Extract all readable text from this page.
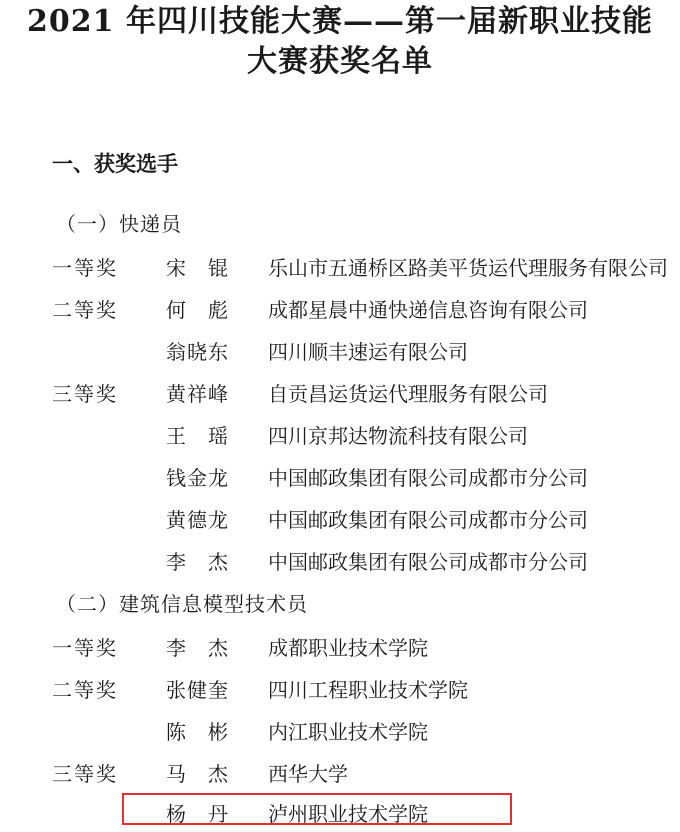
2021 年四川技能大赛——第一届新职业技能
大赛获奖名单
一、获奖选手
（一）快递员
一等奖 宋　锟 乐山市五通桥区路美平货运代理服务有限公司
二等奖 何　彪 成都星晨中通快递信息咨询有限公司
翁晓东 四川顺丰速运有限公司
三等奖 黄祥峰 自贡昌运货运代理服务有限公司
王　瑶 四川京邦达物流科技有限公司
钱金龙 中国邮政集团有限公司成都市分公司
黄德龙 中国邮政集团有限公司成都市分公司
李　杰 中国邮政集团有限公司成都市分公司
（二）建筑信息模型技术员
一等奖 李　杰 成都职业技术学院
二等奖 张健奎 四川工程职业技术学院
陈　彬 内江职业技术学院
三等奖 马　杰 西华大学
杨　丹 泸州职业技术学院
